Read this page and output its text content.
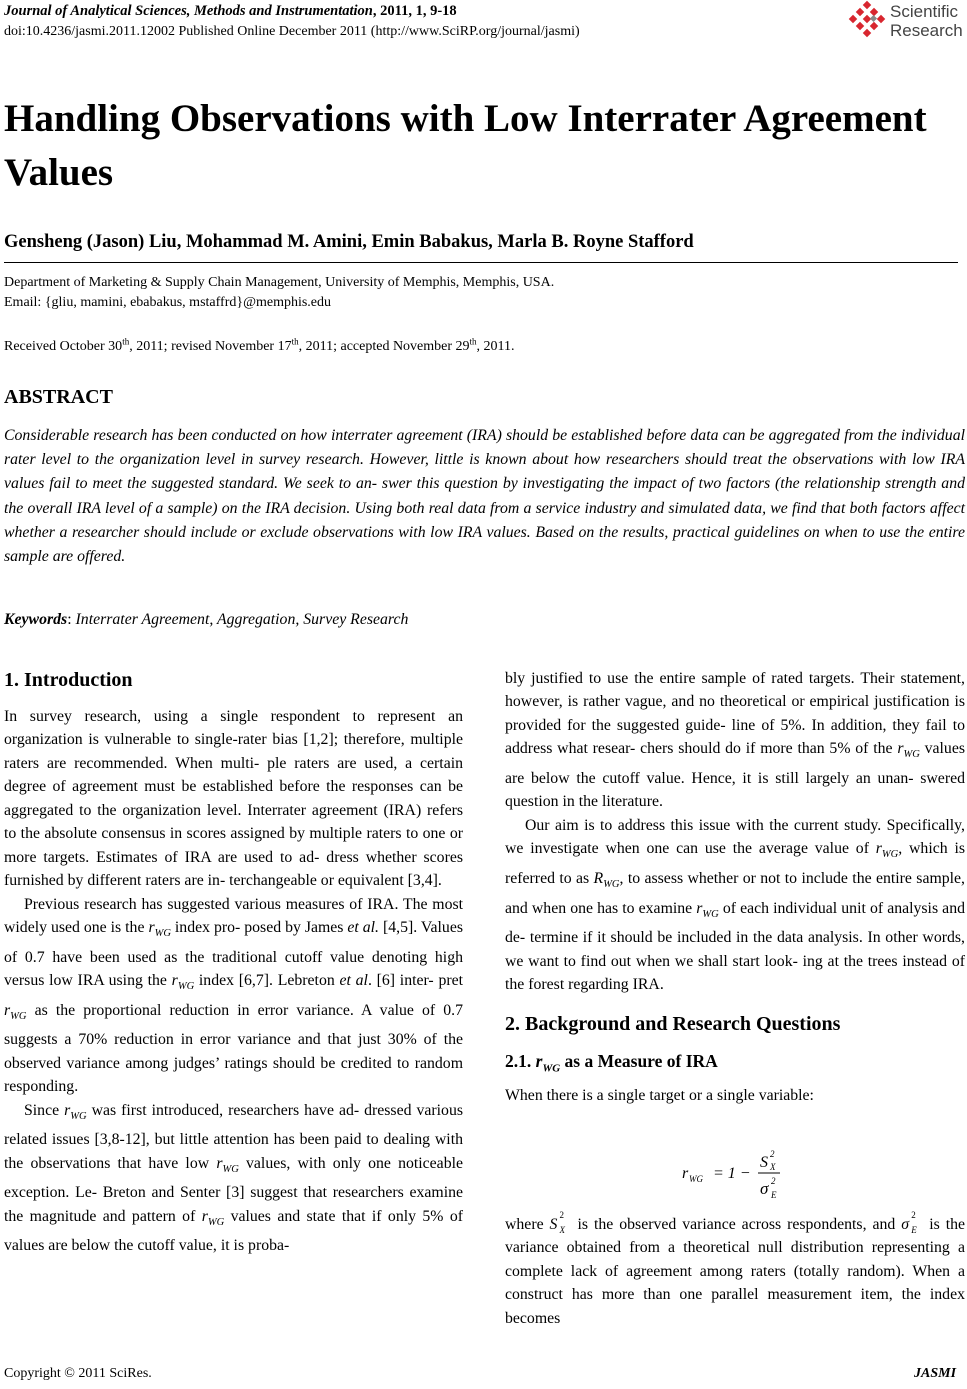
Journal of Analytical Sciences, Methods and Instrumentation, 2011, 1, 9-18
doi:10.4236/jasmi.2011.12002 Published Online December 2011 (http://www.SciRP.org/journal/jasmi)
Scientific
Research
Handling Observations with Low Interrater Agreement Values
Gensheng (Jason) Liu, Mohammad M. Amini, Emin Babakus, Marla B. Royne Stafford
Department of Marketing & Supply Chain Management, University of Memphis, Memphis, USA.
Email: {gliu, mamini, ebabakus, mstaffrd}@memphis.edu
Received October 30th, 2011; revised November 17th, 2011; accepted November 29th, 2011.
ABSTRACT

Considerable research has been conducted on how interrater agreement (IRA) should be established before data can be aggregated from the individual rater level to the organization level in survey research. However, little is known about how researchers should treat the observations with low IRA values fail to meet the suggested standard. We seek to an- swer this question by investigating the impact of two factors (the relationship strength and the overall IRA level of a sample) on the IRA decision. Using both real data from a service industry and simulated data, we find that both factors affect whether a researcher should include or exclude observations with low IRA values. Based on the results, practical guidelines on when to use the entire sample are offered.

Keywords: Interrater Agreement, Aggregation, Survey Research
1. Introduction

In survey research, using a single respondent to represent an organization is vulnerable to single-rater bias [1,2]; therefore, multiple raters are recommended. When multi- ple raters are used, a certain degree of agreement must be established before the responses can be aggregated to the organization level. Interrater agreement (IRA) refers to the absolute consensus in scores assigned by multiple raters to one or more targets. Estimates of IRA are used to ad- dress whether scores furnished by different raters are in- terchangeable or equivalent [3,4].

Previous research has suggested various measures of IRA. The most widely used one is the $r_{WG}$ index pro- posed by James et al. [4,5]. Values of 0.7 have been used as the traditional cutoff value denoting high versus low IRA using the $r_{WG}$ index [6,7]. Lebreton et al. [6] inter- pret $r_{WG}$ as the proportional reduction in error variance. A value of 0.7 suggests a 70% reduction in error variance and that just 30% of the observed variance among judges’ ratings should be credited to random responding.

Since $r_{WG}$ was first introduced, researchers have ad- dressed various related issues [3,8-12], but little attention has been paid to dealing with the observations that have low $r_{WG}$ values, with only one noticeable exception. Le- Breton and Senter [3] suggest that researchers examine the magnitude and pattern of $r_{WG}$ values and state that if only 5% of values are below the cutoff value, it is proba-

bly justified to use the entire sample of rated targets. Their statement, however, is rather vague, and no theoretical or empirical justification is provided for the suggested guide- line of 5%. In addition, they fail to address what resear- chers should do if more than 5% of the $r_{WG}$ values are below the cutoff value. Hence, it is still largely an unan- swered question in the literature.

Our aim is to address this issue with the current study. Specifically, we investigate when one can use the average value of $r_{WG}$, which is referred to as $R_{WG}$, to assess whether or not to include the entire sample, and when one has to examine $r_{WG}$ of each individual unit of analysis and de- termine if it should be included in the data analysis. In other words, we want to find out when we shall start look- ing at the trees instead of the forest regarding IRA.

2. Background and Research Questions
2.1. $r_{WG}$ as a Measure of IRA

When there is a single target or a single variable:

r WG = 1 −
S 2
X
σ 2
E

where S
2
X is the observed variance across respondents, and σ
2
E is the variance obtained from a theoretical null distribution representing a complete lack of agreement among raters (totally random). When a construct has more than one parallel measurement item, the index becomes

Copyright © 2011 SciRes.	JASMI
